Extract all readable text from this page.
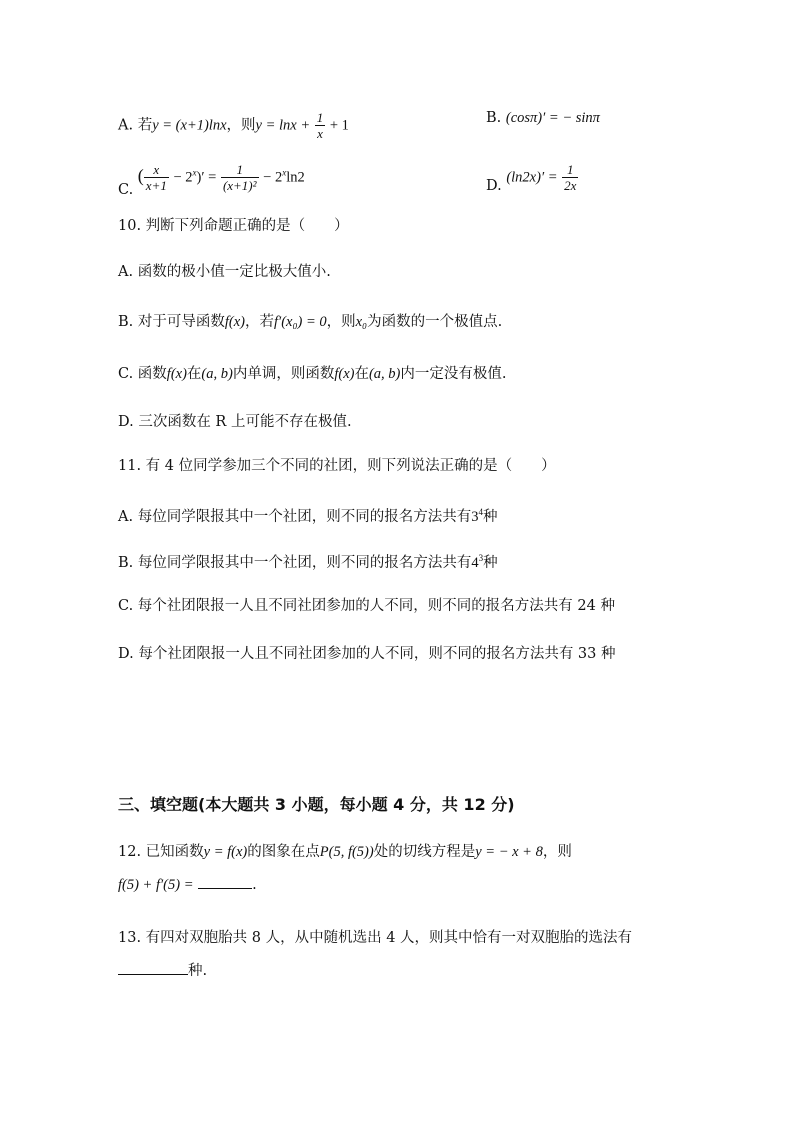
A. 若y = (x+1)lnx，则$y = \ln x + \frac{1}{x} + 1$	B. (cosπ)′ = − sinπ
C. ( $\frac{x}{x+1} - 2^x)' = \frac{1}{\text{(x+1)²}} - 2^x\ln 2$	D. $(\ln 2x)' = \frac{1}{2x}$
10. 判断下列命题正确的是（　　）
A. 函数的极小值一定比极大值小.
B. 对于可导函数f(x)，若f′(x₀) = 0，则x₀为函数的一个极值点.
C. 函数f(x)在(a, b)内单调，则函数f(x)在(a, b)内一定没有极值.
D. 三次函数在 R 上可能不存在极值.
11. 有 4 位同学参加三个不同的社团，则下列说法正确的是（　　）
A. 每位同学限报其中一个社团，则不同的报名方法共有$3^4$种
B. 每位同学限报其中一个社团，则不同的报名方法共有$4^3$种
C. 每个社团限报一人且不同社团参加的人不同，则不同的报名方法共有 24 种
D. 每个社团限报一人且不同社团参加的人不同，则不同的报名方法共有 33 种
三、填空题(本大题共 3 小题，每小题 4 分，共 12 分)
12. 已知函数y = f(x)的图象在点P(5, f(5))处的切线方程是y = − x + 8，则
f(5) + f′(5) =	.
13. 有四对双胞胎共 8 人，从中随机选出 4 人，则其中恰有一对双胞胎的选法有
种.
